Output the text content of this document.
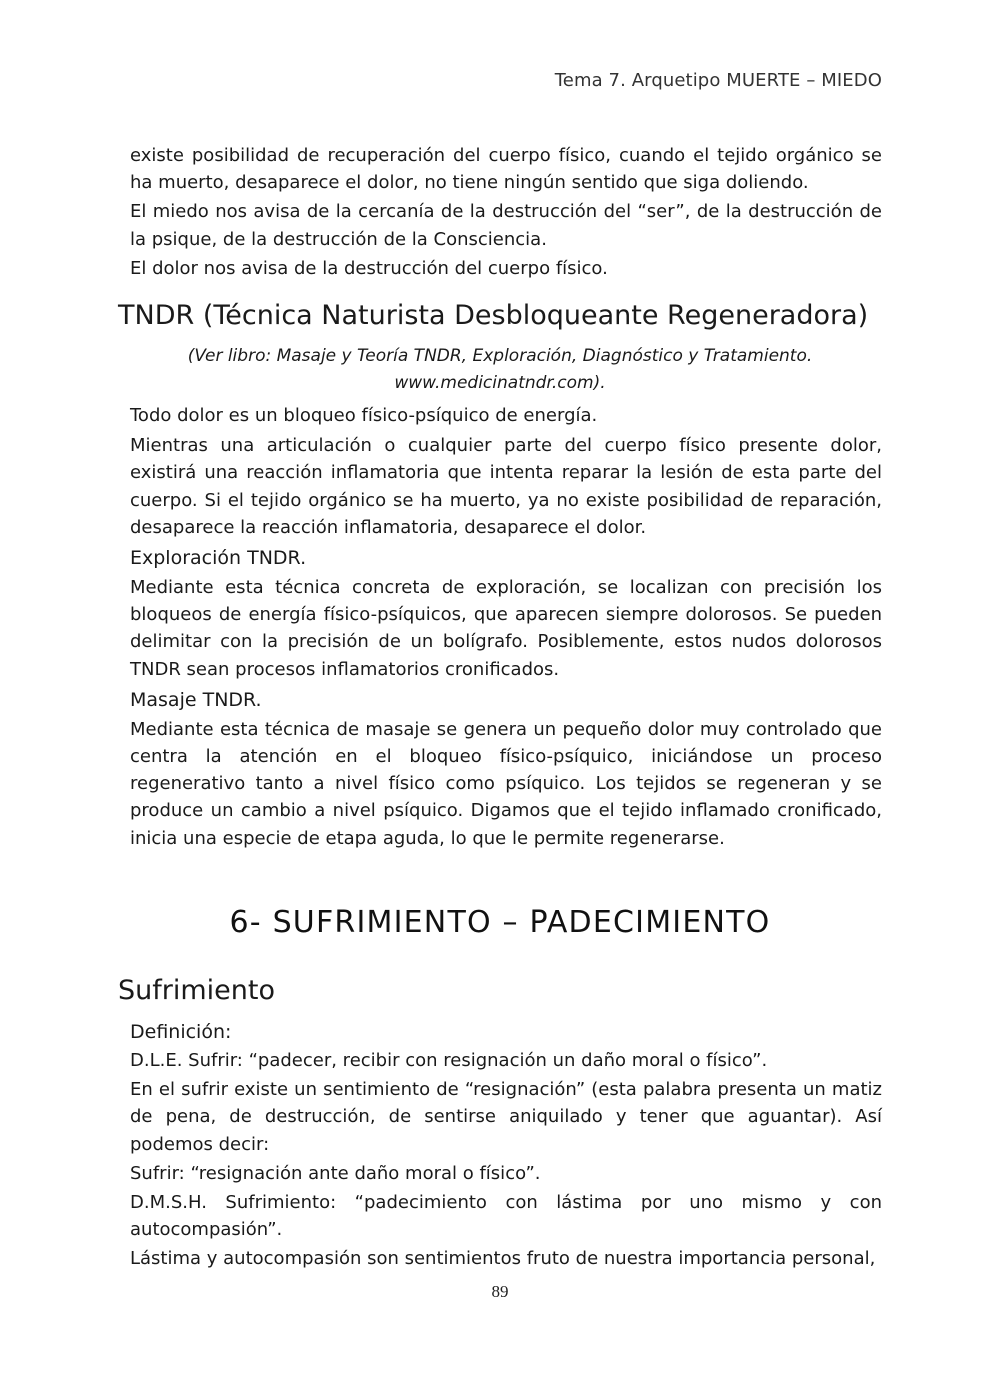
Tema 7. Arquetipo MUERTE – MIEDO

existe posibilidad de recuperación del cuerpo físico, cuando el tejido orgánico se ha muerto, desaparece el dolor, no tiene ningún sentido que siga doliendo.

El miedo nos avisa de la cercanía de la destrucción del “ser”, de la destrucción de la psique, de la destrucción de la Consciencia.

El dolor nos avisa de la destrucción del cuerpo físico.

TNDR (Técnica Naturista Desbloqueante Regeneradora)

(Ver libro: Masaje y Teoría TNDR, Exploración, Diagnóstico y Tratamiento.
www.medicinatndr.com).

Todo dolor es un bloqueo físico-psíquico de energía.

Mientras una articulación o cualquier parte del cuerpo físico presente dolor, existirá una reacción inflamatoria que intenta reparar la lesión de esta parte del cuerpo. Si el tejido orgánico se ha muerto, ya no existe posibilidad de reparación, desaparece la reacción inflamatoria, desaparece el dolor.

Exploración TNDR.

Mediante esta técnica concreta de exploración, se localizan con precisión los bloqueos de energía físico-psíquicos, que aparecen siempre dolorosos. Se pueden delimitar con la precisión de un bolígrafo. Posiblemente, estos nudos dolorosos TNDR sean procesos inflamatorios cronificados.

Masaje TNDR.

Mediante esta técnica de masaje se genera un pequeño dolor muy controlado que centra la atención en el bloqueo físico-psíquico, iniciándose un proceso regenerativo tanto a nivel físico como psíquico. Los tejidos se regeneran y se produce un cambio a nivel psíquico. Digamos que el tejido inflamado cronificado, inicia una especie de etapa aguda, lo que le permite regenerarse.

6- SUFRIMIENTO – PADECIMIENTO
Sufrimiento
Definición:

D.L.E. Sufrir: “padecer, recibir con resignación un daño moral o físico”.

En el sufrir existe un sentimiento de “resignación” (esta palabra presenta un matiz de pena, de destrucción, de sentirse aniquilado y tener que aguantar). Así podemos decir:

Sufrir: “resignación ante daño moral o físico”.

D.M.S.H. Sufrimiento: “padecimiento con lástima por uno mismo y con autocompasión”.

Lástima y autocompasión son sentimientos fruto de nuestra importancia personal,

89
